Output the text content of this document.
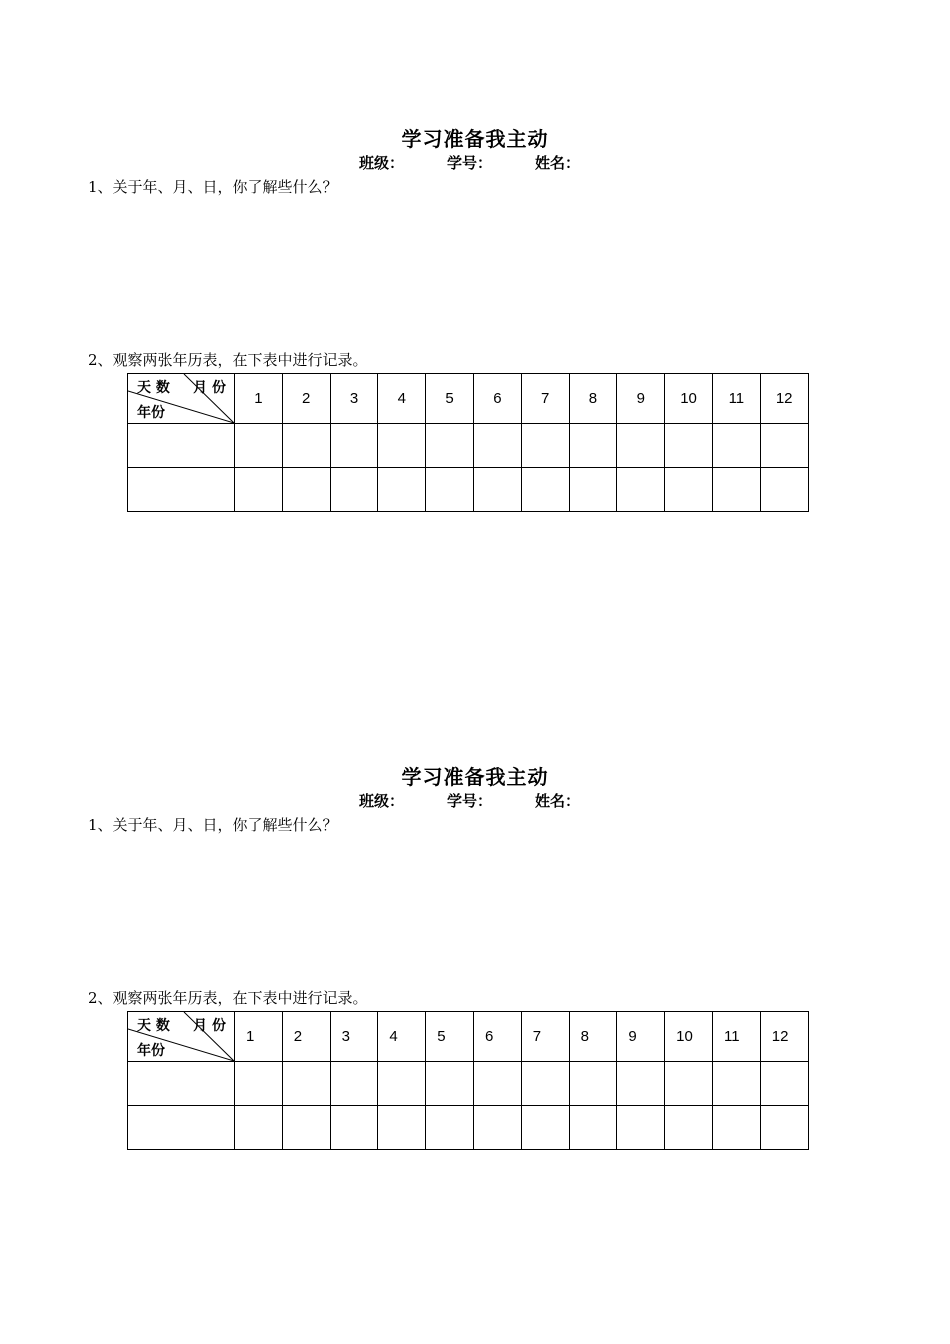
学习准备我主动
班级：	学号：	姓名：
1、关于年、月、日，你了解些什么？
2、观察两张年历表，在下表中进行记录。
天 数 月 份
年份	1	2	3	4	5	6	7	8	9	10	11	12

学习准备我主动
班级：	学号：	姓名：
1、关于年、月、日，你了解些什么？
2、观察两张年历表，在下表中进行记录。
天 数 月 份
年份	1	2	3	4	5	6	7	8	9	10	11	12
